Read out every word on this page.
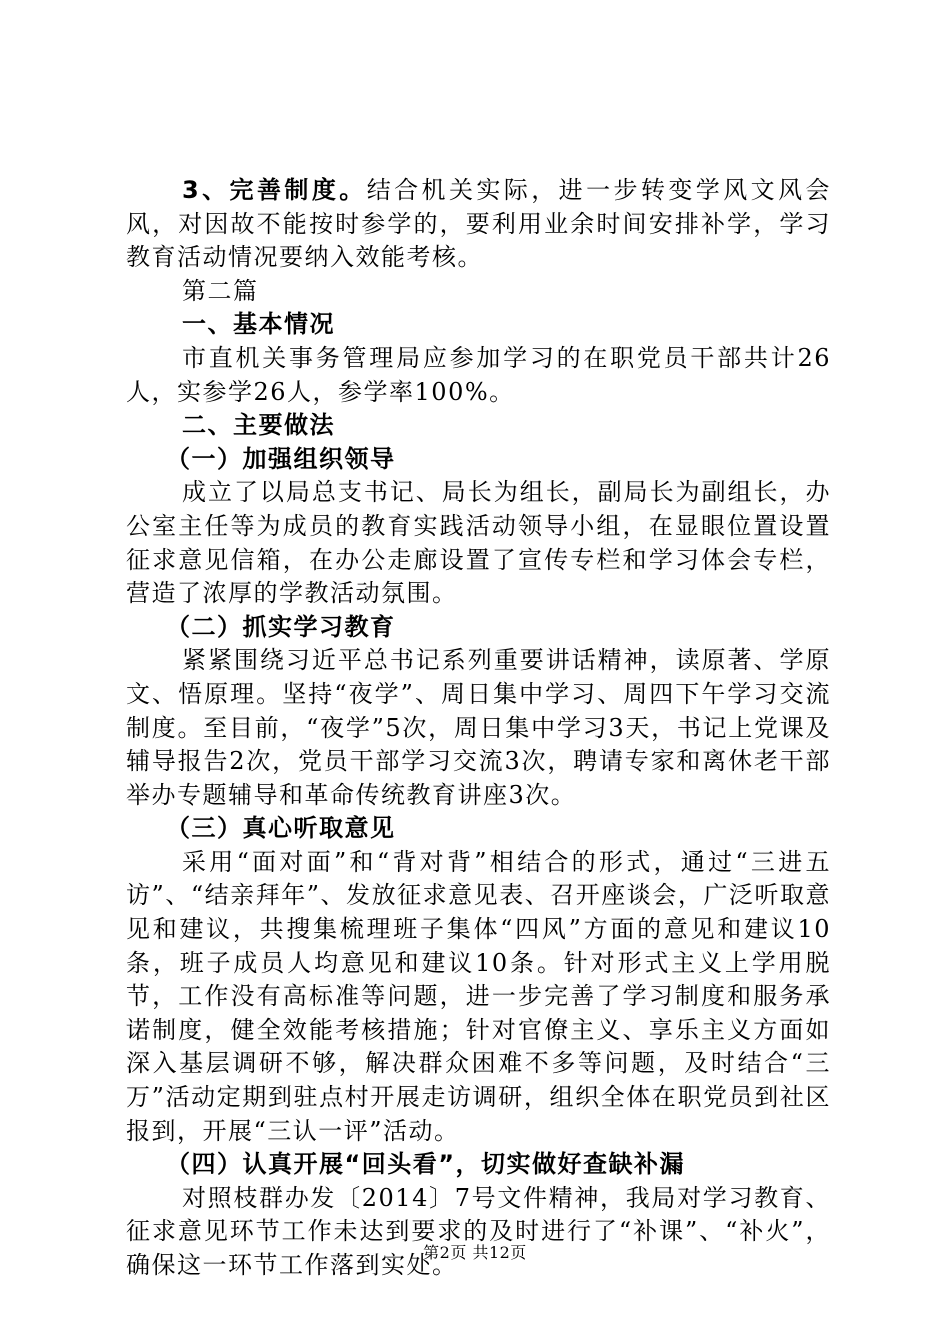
3、完善制度。结合机关实际，进一步转变学风文风会风，对因故不能按时参学的，要利用业余时间安排补学，学习教育活动情况要纳入效能考核。

第二篇

一、基本情况

市直机关事务管理局应参加学习的在职党员干部共计26人，实参学26人，参学率100%。

二、主要做法

（一）加强组织领导

成立了以局总支书记、局长为组长，副局长为副组长，办公室主任等为成员的教育实践活动领导小组，在显眼位置设置征求意见信箱，在办公走廊设置了宣传专栏和学习体会专栏，营造了浓厚的学教活动氛围。

（二）抓实学习教育

紧紧围绕习近平总书记系列重要讲话精神，读原著、学原文、悟原理。坚持“夜学”、周日集中学习、周四下午学习交流制度。至目前，“夜学”5次，周日集中学习3天，书记上党课及辅导报告2次，党员干部学习交流3次，聘请专家和离休老干部举办专题辅导和革命传统教育讲座3次。

（三）真心听取意见

采用“面对面”和“背对背”相结合的形式，通过“三进五访”、“结亲拜年”、发放征求意见表、召开座谈会，广泛听取意见和建议，共搜集梳理班子集体“四风”方面的意见和建议10条，班子成员人均意见和建议10条。针对形式主义上学用脱节，工作没有高标准等问题，进一步完善了学习制度和服务承诺制度，健全效能考核措施；针对官僚主义、享乐主义方面如深入基层调研不够，解决群众困难不多等问题，及时结合“三万”活动定期到驻点村开展走访调研，组织全体在职党员到社区报到，开展“三认一评”活动。

（四）认真开展“回头看”，切实做好查缺补漏

对照枝群办发〔2014〕7号文件精神，我局对学习教育、征求意见环节工作未达到要求的及时进行了“补课”、“补火”，确保这一环节工作落到实处。

第2页 共12页
